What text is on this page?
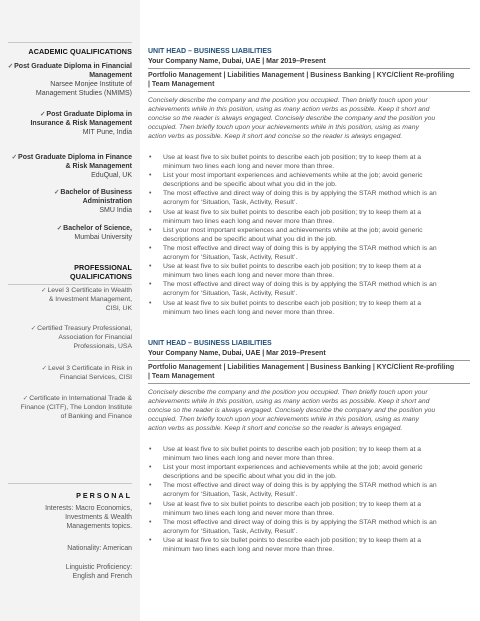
ACADEMIC QUALIFICATIONS
✓Post Graduate Diploma in Financial
Management
Narsee Monjee Institute of
Management Studies (NMIMS)
✓Post Graduate Diploma in
Insurance & Risk Management
MIT Pune, India
✓Post Graduate Diploma in Finance
& Risk Management
EduQual, UK
✓Bachelor of Business
Administration
SMU India
✓Bachelor of Science,
Mumbai University
PROFESSIONAL
QUALIFICATIONS
✓Level 3 Certificate in Wealth
& Investment Management,
CISI, UK
✓Certified Treasury Professional,
Association for Financial
Professionals, USA
✓Level 3 Certificate in Risk in
Financial Services, CISI
✓Certificate in International Trade &
Finance (CITF), The London Institute
of Banking and Finance
PERSONAL
Interests: Macro Economics,
Investments & Wealth
Managements topics.
Nationality: American
Linguistic Proficiency:
English and French
UNIT HEAD – BUSINESS LIABILITIES
Your Company Name, Dubai, UAE | Mar 2019–Present
Portfolio Management | Liabilities Management | Business Banking | KYC/Client Re-profiling
| Team Management
Concisely describe the company and the position you occupied. Then briefly touch upon your
achievements while in this position, using as many action verbs as possible. Keep it short and
concise so the reader is always engaged. Concisely describe the company and the position you
occupied. Then briefly touch upon your achievements while in this position, using as many
action verbs as possible. Keep it short and concise so the reader is always engaged.
• Use at least five to six bullet points to describe each job position; try to keep them at a
minimum two lines each long and never more than three.
• List your most important experiences and achievements while at the job; avoid generic
descriptions and be specific about what you did in the job.
• The most effective and direct way of doing this is by applying the STAR method which is an
acronym for ‘Situation, Task, Activity, Result’.
• Use at least five to six bullet points to describe each job position; try to keep them at a
minimum two lines each long and never more than three.
• List your most important experiences and achievements while at the job; avoid generic
descriptions and be specific about what you did in the job.
• The most effective and direct way of doing this is by applying the STAR method which is an
acronym for ‘Situation, Task, Activity, Result’.
• Use at least five to six bullet points to describe each job position; try to keep them at a
minimum two lines each long and never more than three.
• The most effective and direct way of doing this is by applying the STAR method which is an
acronym for ‘Situation, Task, Activity, Result’.
• Use at least five to six bullet points to describe each job position; try to keep them at a
minimum two lines each long and never more than three.
UNIT HEAD – BUSINESS LIABILITIES
Your Company Name, Dubai, UAE | Mar 2019–Present
Portfolio Management | Liabilities Management | Business Banking | KYC/Client Re-profiling
| Team Management
Concisely describe the company and the position you occupied. Then briefly touch upon your
achievements while in this position, using as many action verbs as possible. Keep it short and
concise so the reader is always engaged. Concisely describe the company and the position you
occupied. Then briefly touch upon your achievements while in this position, using as many
action verbs as possible. Keep it short and concise so the reader is always engaged.
• Use at least five to six bullet points to describe each job position; try to keep them at a
minimum two lines each long and never more than three.
• List your most important experiences and achievements while at the job; avoid generic
descriptions and be specific about what you did in the job.
• The most effective and direct way of doing this is by applying the STAR method which is an
acronym for ‘Situation, Task, Activity, Result’.
• Use at least five to six bullet points to describe each job position; try to keep them at a
minimum two lines each long and never more than three.
• The most effective and direct way of doing this is by applying the STAR method which is an
acronym for ‘Situation, Task, Activity, Result’.
• Use at least five to six bullet points to describe each job position; try to keep them at a
minimum two lines each long and never more than three.
